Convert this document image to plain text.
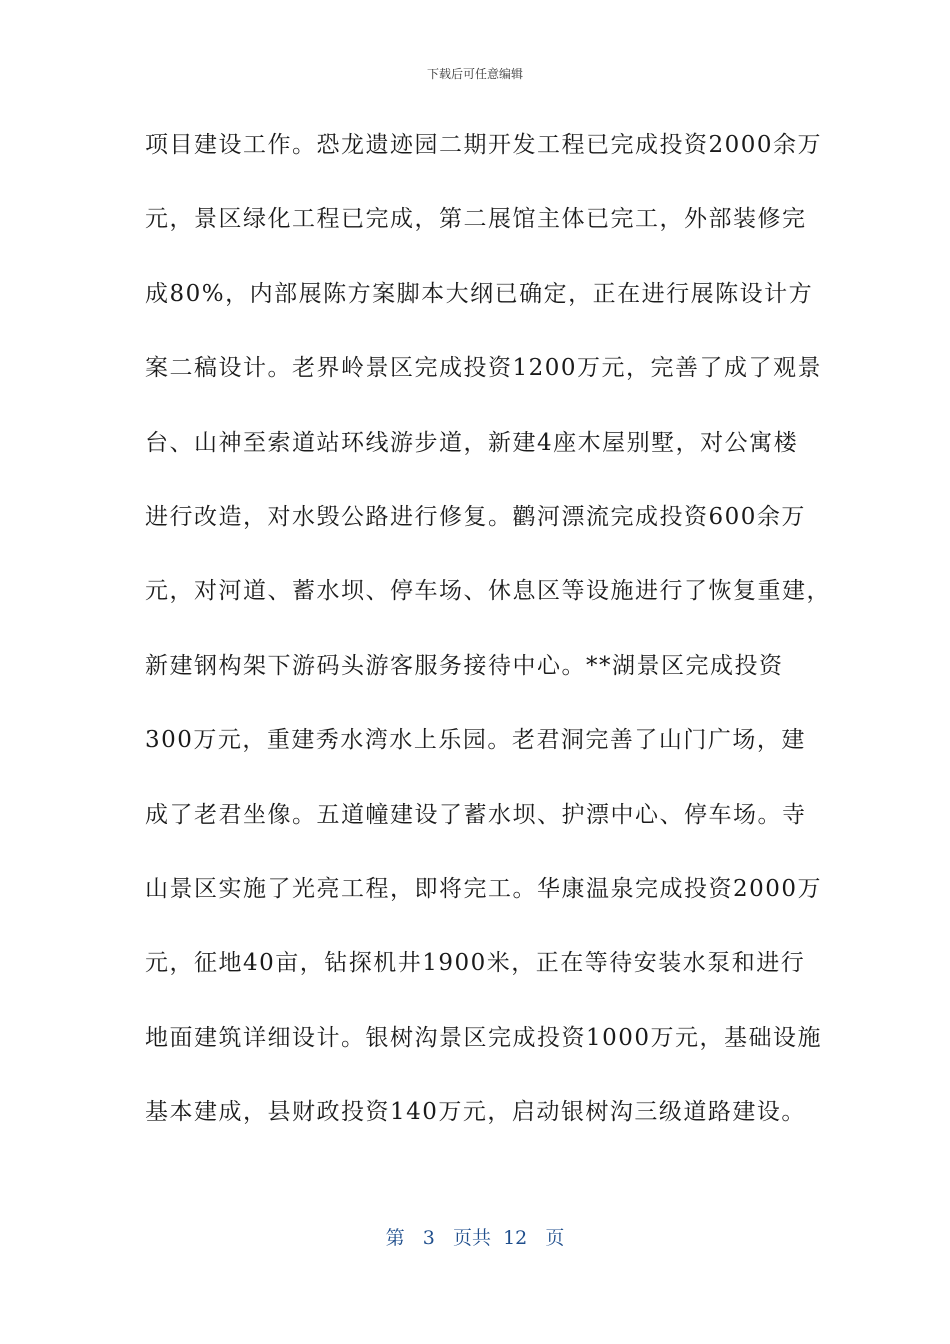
下载后可任意编辑
项目建设工作。恐龙遗迹园二期开发工程已完成投资2000余万
元，景区绿化工程已完成，第二展馆主体已完工，外部装修完
成80%，内部展陈方案脚本大纲已确定，正在进行展陈设计方
案二稿设计。老界岭景区完成投资1200万元，完善了成了观景
台、山神至索道站环线游步道，新建4座木屋别墅，对公寓楼
进行改造，对水毁公路进行修复。鹳河漂流完成投资600余万
元，对河道、蓄水坝、停车场、休息区等设施进行了恢复重建，
新建钢构架下游码头游客服务接待中心。**湖景区完成投资
300万元，重建秀水湾水上乐园。老君洞完善了山门广场，建
成了老君坐像。五道幢建设了蓄水坝、护漂中心、停车场。寺
山景区实施了光亮工程，即将完工。华康温泉完成投资2000万
元，征地40亩，钻探机井1900米，正在等待安装水泵和进行
地面建筑详细设计。银树沟景区完成投资1000万元，基础设施
基本建成，县财政投资140万元，启动银树沟三级道路建设。
第 3 页共 12 页
